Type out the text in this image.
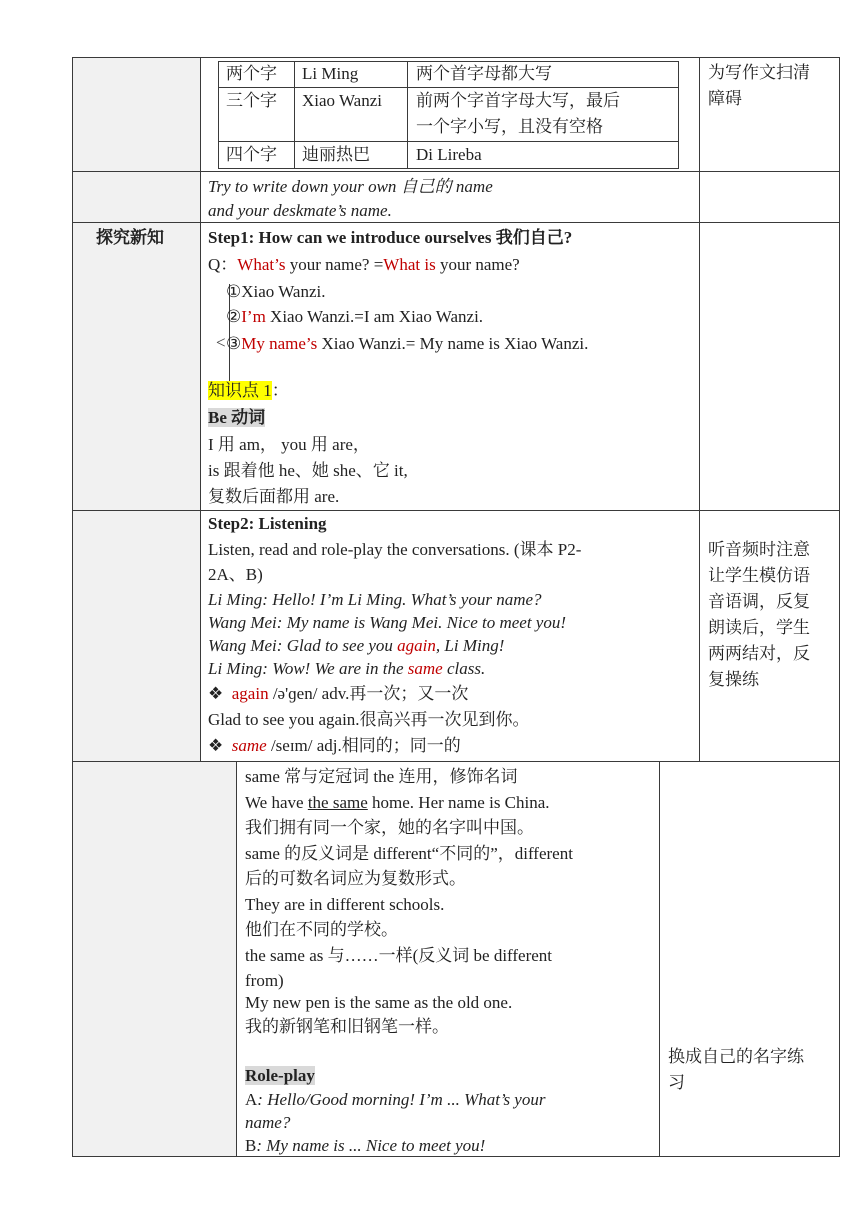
两个字 Li Ming	两个首字母都大写
三个字 Xiao Wanzi 前两个字首字母大写，最后
一个字小写，且没有空格
四个字 迪丽热巴	Di Lireba
为写作文扫清
障碍
Try to write down your own 自己的 name
and your deskmate’s name.
探究新知	Step1: How can we introduce ourselves 我们自己?
Q：What’s your name? =What is your name?
<
①Xiao Wanzi.
②I’m Xiao Wanzi.=I am Xiao Wanzi.
③My name’s Xiao Wanzi.= My name is Xiao Wanzi.
知识点 1：
Be 动词
I 用 am， you 用 are，
is 跟着他 he、她 she、它 it,
复数后面都用 are.
Step2: Listening
Listen, read and role-play the conversations. (课本 P2-
2A、B)
Li Ming: Hello! I’m Li Ming. What’s your name?
Wang Mei: My name is Wang Mei. Nice to meet you!
Wang Mei: Glad to see you again, Li Ming!
Li Ming: Wow! We are in the same class.
❖ again /ə'ɡen/ adv.再一次；又一次
Glad to see you again.很高兴再一次见到你。
❖ same /seɪm/ adj.相同的；同一的
听音频时注意
让学生模仿语
音语调，反复
朗读后，学生
两两结对，反
复操练
same 常与定冠词 the 连用，修饰名词
We have the same home. Her name is China.
我们拥有同一个家，她的名字叫中国。
same 的反义词是 different“不同的”，different
后的可数名词应为复数形式。
They are in different schools.
他们在不同的学校。
the same as 与……一样(反义词 be different
from)
My new pen is the same as the old one.
我的新钢笔和旧钢笔一样。
Role-play
A: Hello/Good morning! I’m ... What’s your
name?
B: My name is ... Nice to meet you!
换成自己的名字练
习
